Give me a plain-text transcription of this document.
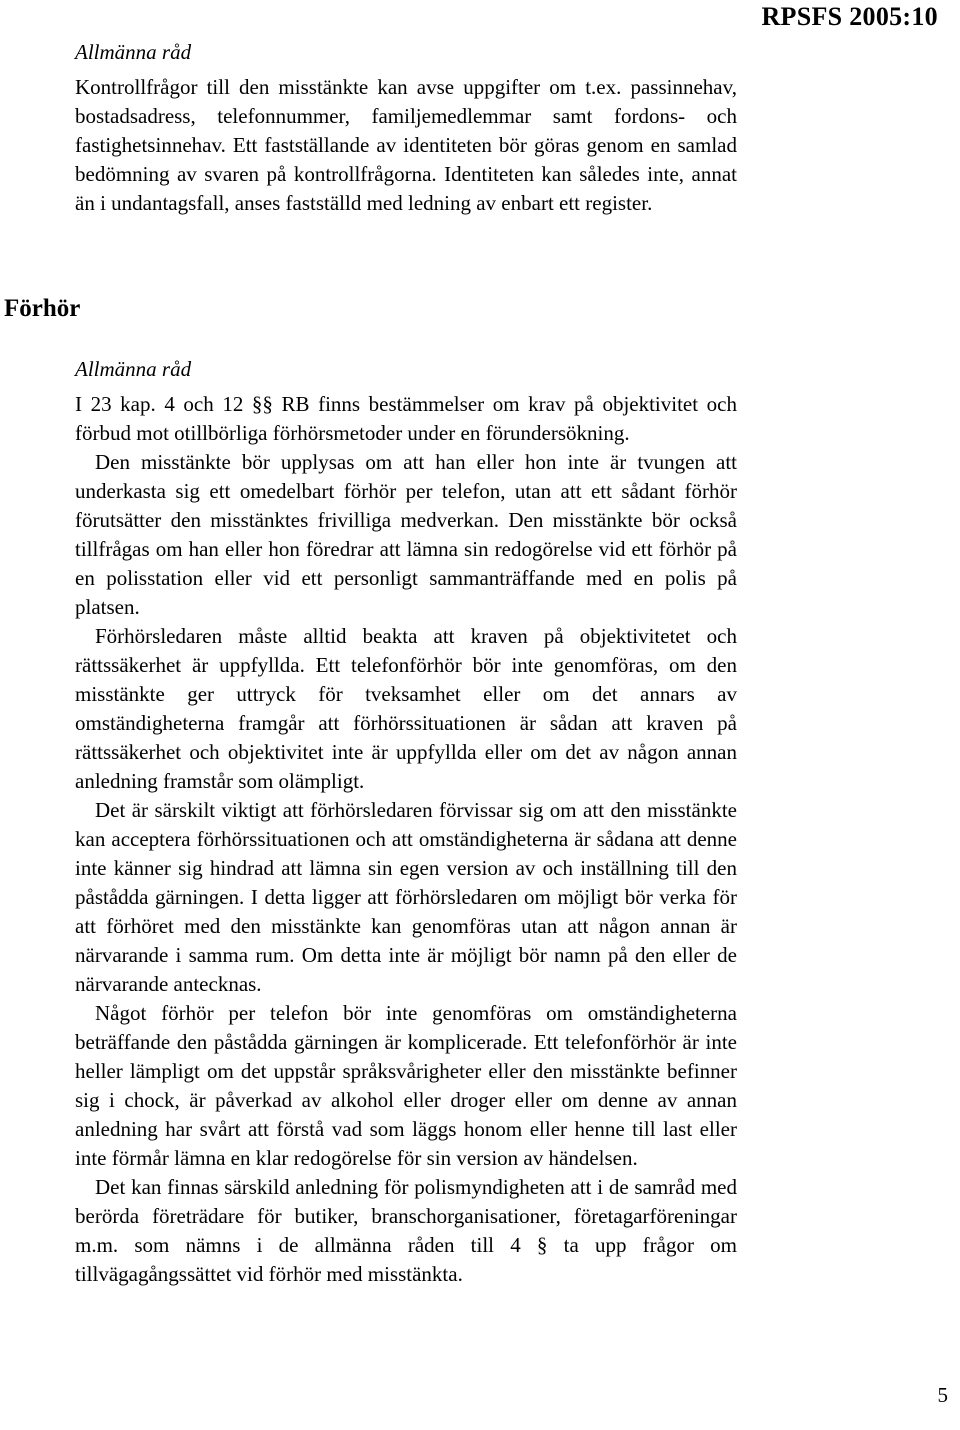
RPSFS 2005:10
Allmänna råd

Kontrollfrågor till den misstänkte kan avse uppgifter om t.ex. passinnehav, bostadsadress, telefonnummer, familjemedlemmar samt fordons- och fastighetsinnehav. Ett fastställande av identiteten bör göras genom en samlad bedömning av svaren på kontrollfrågorna. Identiteten kan således inte, annat än i undantagsfall, anses fastställd med ledning av enbart ett register.

Förhör
Allmänna råd

I 23 kap. 4 och 12 §§ RB finns bestämmelser om krav på objektivitet och förbud mot otillbörliga förhörsmetoder under en förundersökning.

Den misstänkte bör upplysas om att han eller hon inte är tvungen att underkasta sig ett omedelbart förhör per telefon, utan att ett sådant förhör förutsätter den misstänktes frivilliga medverkan. Den misstänkte bör också tillfrågas om han eller hon föredrar att lämna sin redogörelse vid ett förhör på en polisstation eller vid ett personligt sammanträffande med en polis på platsen.

Förhörsledaren måste alltid beakta att kraven på objektivitetet och rättssäkerhet är uppfyllda. Ett telefonförhör bör inte genomföras, om den misstänkte ger uttryck för tveksamhet eller om det annars av omständigheterna framgår att förhörssituationen är sådan att kraven på rättssäkerhet och objektivitet inte är uppfyllda eller om det av någon annan anledning framstår som olämpligt.

Det är särskilt viktigt att förhörsledaren förvissar sig om att den misstänkte kan acceptera förhörssituationen och att omständigheterna är sådana att denne inte känner sig hindrad att lämna sin egen version av och inställning till den påstådda gärningen. I detta ligger att förhörsledaren om möjligt bör verka för att förhöret med den misstänkte kan genomföras utan att någon annan är närvarande i samma rum. Om detta inte är möjligt bör namn på den eller de närvarande antecknas.

Något förhör per telefon bör inte genomföras om omständigheterna beträffande den påstådda gärningen är komplicerade. Ett telefonförhör är inte heller lämpligt om det uppstår språksvårigheter eller den misstänkte befinner sig i chock, är påverkad av alkohol eller droger eller om denne av annan anledning har svårt att förstå vad som läggs honom eller henne till last eller inte förmår lämna en klar redogörelse för sin version av händelsen.

Det kan finnas särskild anledning för polismyndigheten att i de samråd med berörda företrädare för butiker, branschorganisationer, företagarföreningar m.m. som nämns i de allmänna råden till 4 § ta upp frågor om tillvägagångssättet vid förhör med misstänkta.

5
